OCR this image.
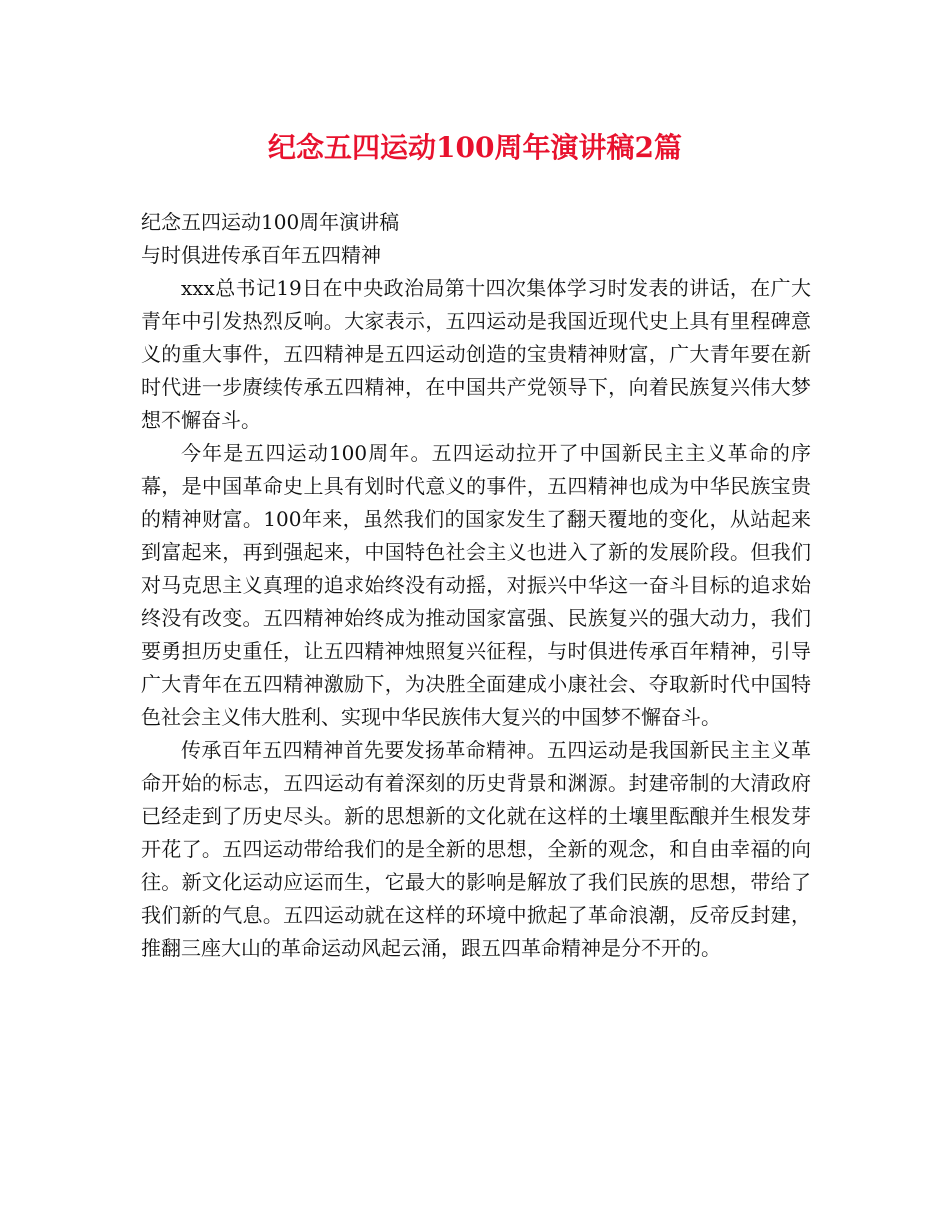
纪念五四运动100周年演讲稿2篇

纪念五四运动100周年演讲稿

与时俱进传承百年五四精神

xxx总书记19日在中央政治局第十四次集体学习时发表的讲话，在广大青年中引发热烈反响。大家表示，五四运动是我国近现代史上具有里程碑意义的重大事件，五四精神是五四运动创造的宝贵精神财富，广大青年要在新时代进一步赓续传承五四精神，在中国共产党领导下，向着民族复兴伟大梦想不懈奋斗。

今年是五四运动100周年。五四运动拉开了中国新民主主义革命的序幕，是中国革命史上具有划时代意义的事件，五四精神也成为中华民族宝贵的精神财富。100年来，虽然我们的国家发生了翻天覆地的变化，从站起来到富起来，再到强起来，中国特色社会主义也进入了新的发展阶段。但我们对马克思主义真理的追求始终没有动摇，对振兴中华这一奋斗目标的追求始终没有改变。五四精神始终成为推动国家富强、民族复兴的强大动力，我们要勇担历史重任，让五四精神烛照复兴征程，与时俱进传承百年精神，引导广大青年在五四精神激励下，为决胜全面建成小康社会、夺取新时代中国特色社会主义伟大胜利、实现中华民族伟大复兴的中国梦不懈奋斗。

传承百年五四精神首先要发扬革命精神。五四运动是我国新民主主义革命开始的标志，五四运动有着深刻的历史背景和渊源。封建帝制的大清政府已经走到了历史尽头。新的思想新的文化就在这样的土壤里酝酿并生根发芽开花了。五四运动带给我们的是全新的思想，全新的观念，和自由幸福的向往。新文化运动应运而生，它最大的影响是解放了我们民族的思想，带给了我们新的气息。五四运动就在这样的环境中掀起了革命浪潮，反帝反封建，推翻三座大山的革命运动风起云涌，跟五四革命精神是分不开的。
